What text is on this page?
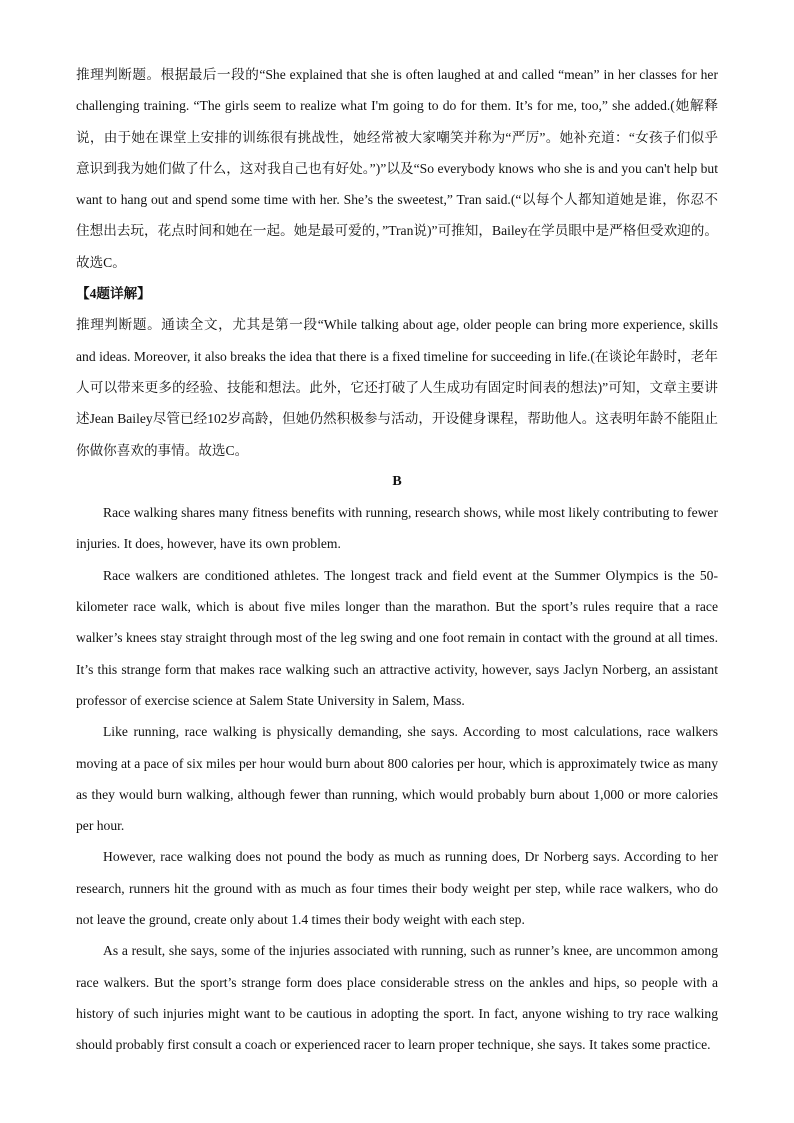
推理判断题。根据最后一段的“She explained that she is often laughed at and called “mean” in her classes for her challenging training. “The girls seem to realize what I'm going to do for them. It’s for me, too,” she added.(她解释说，由于她在课堂上安排的训练很有挑战性，她经常被大家嘲笑并称为“严厉”。她补充道：“女孩子们似乎意识到我为她们做了什么，这对我自己也有好处。”)”以及“So everybody knows who she is and you can't help but want to hang out and spend some time with her. She’s the sweetest,” Tran said.(“以每个人都知道她是谁，你忍不住想出去玩，花点时间和她在一起。她是最可爱的，”Tran说)”可推知，Bailey在学员眼中是严格但受欢迎的。故选C。

【4题详解】

推理判断题。通读全文，尤其是第一段“While talking about age, older people can bring more experience, skills and ideas. Moreover, it also breaks the idea that there is a fixed timeline for succeeding in life.(在谈论年龄时，老年人可以带来更多的经验、技能和想法。此外，它还打破了人生成功有固定时间表的想法)”可知，文章主要讲述Jean Bailey尽管已经102岁高龄，但她仍然积极参与活动，开设健身课程，帮助他人。这表明年龄不能阻止你做你喜欢的事情。故选C。

B

Race walking shares many fitness benefits with running, research shows, while most likely contributing to fewer injuries. It does, however, have its own problem.

Race walkers are conditioned athletes. The longest track and field event at the Summer Olympics is the 50-kilometer race walk, which is about five miles longer than the marathon. But the sport’s rules require that a race walker’s knees stay straight through most of the leg swing and one foot remain in contact with the ground at all times. It’s this strange form that makes race walking such an attractive activity, however, says Jaclyn Norberg, an assistant professor of exercise science at Salem State University in Salem, Mass.

Like running, race walking is physically demanding, she says. According to most calculations, race walkers moving at a pace of six miles per hour would burn about 800 calories per hour, which is approximately twice as many as they would burn walking, although fewer than running, which would probably burn about 1,000 or more calories per hour.

However, race walking does not pound the body as much as running does, Dr Norberg says. According to her research, runners hit the ground with as much as four times their body weight per step, while race walkers, who do not leave the ground, create only about 1.4 times their body weight with each step.

As a result, she says, some of the injuries associated with running, such as runner’s knee, are uncommon among race walkers. But the sport’s strange form does place considerable stress on the ankles and hips, so people with a history of such injuries might want to be cautious in adopting the sport. In fact, anyone wishing to try race walking should probably first consult a coach or experienced racer to learn proper technique, she says. It takes some practice.
